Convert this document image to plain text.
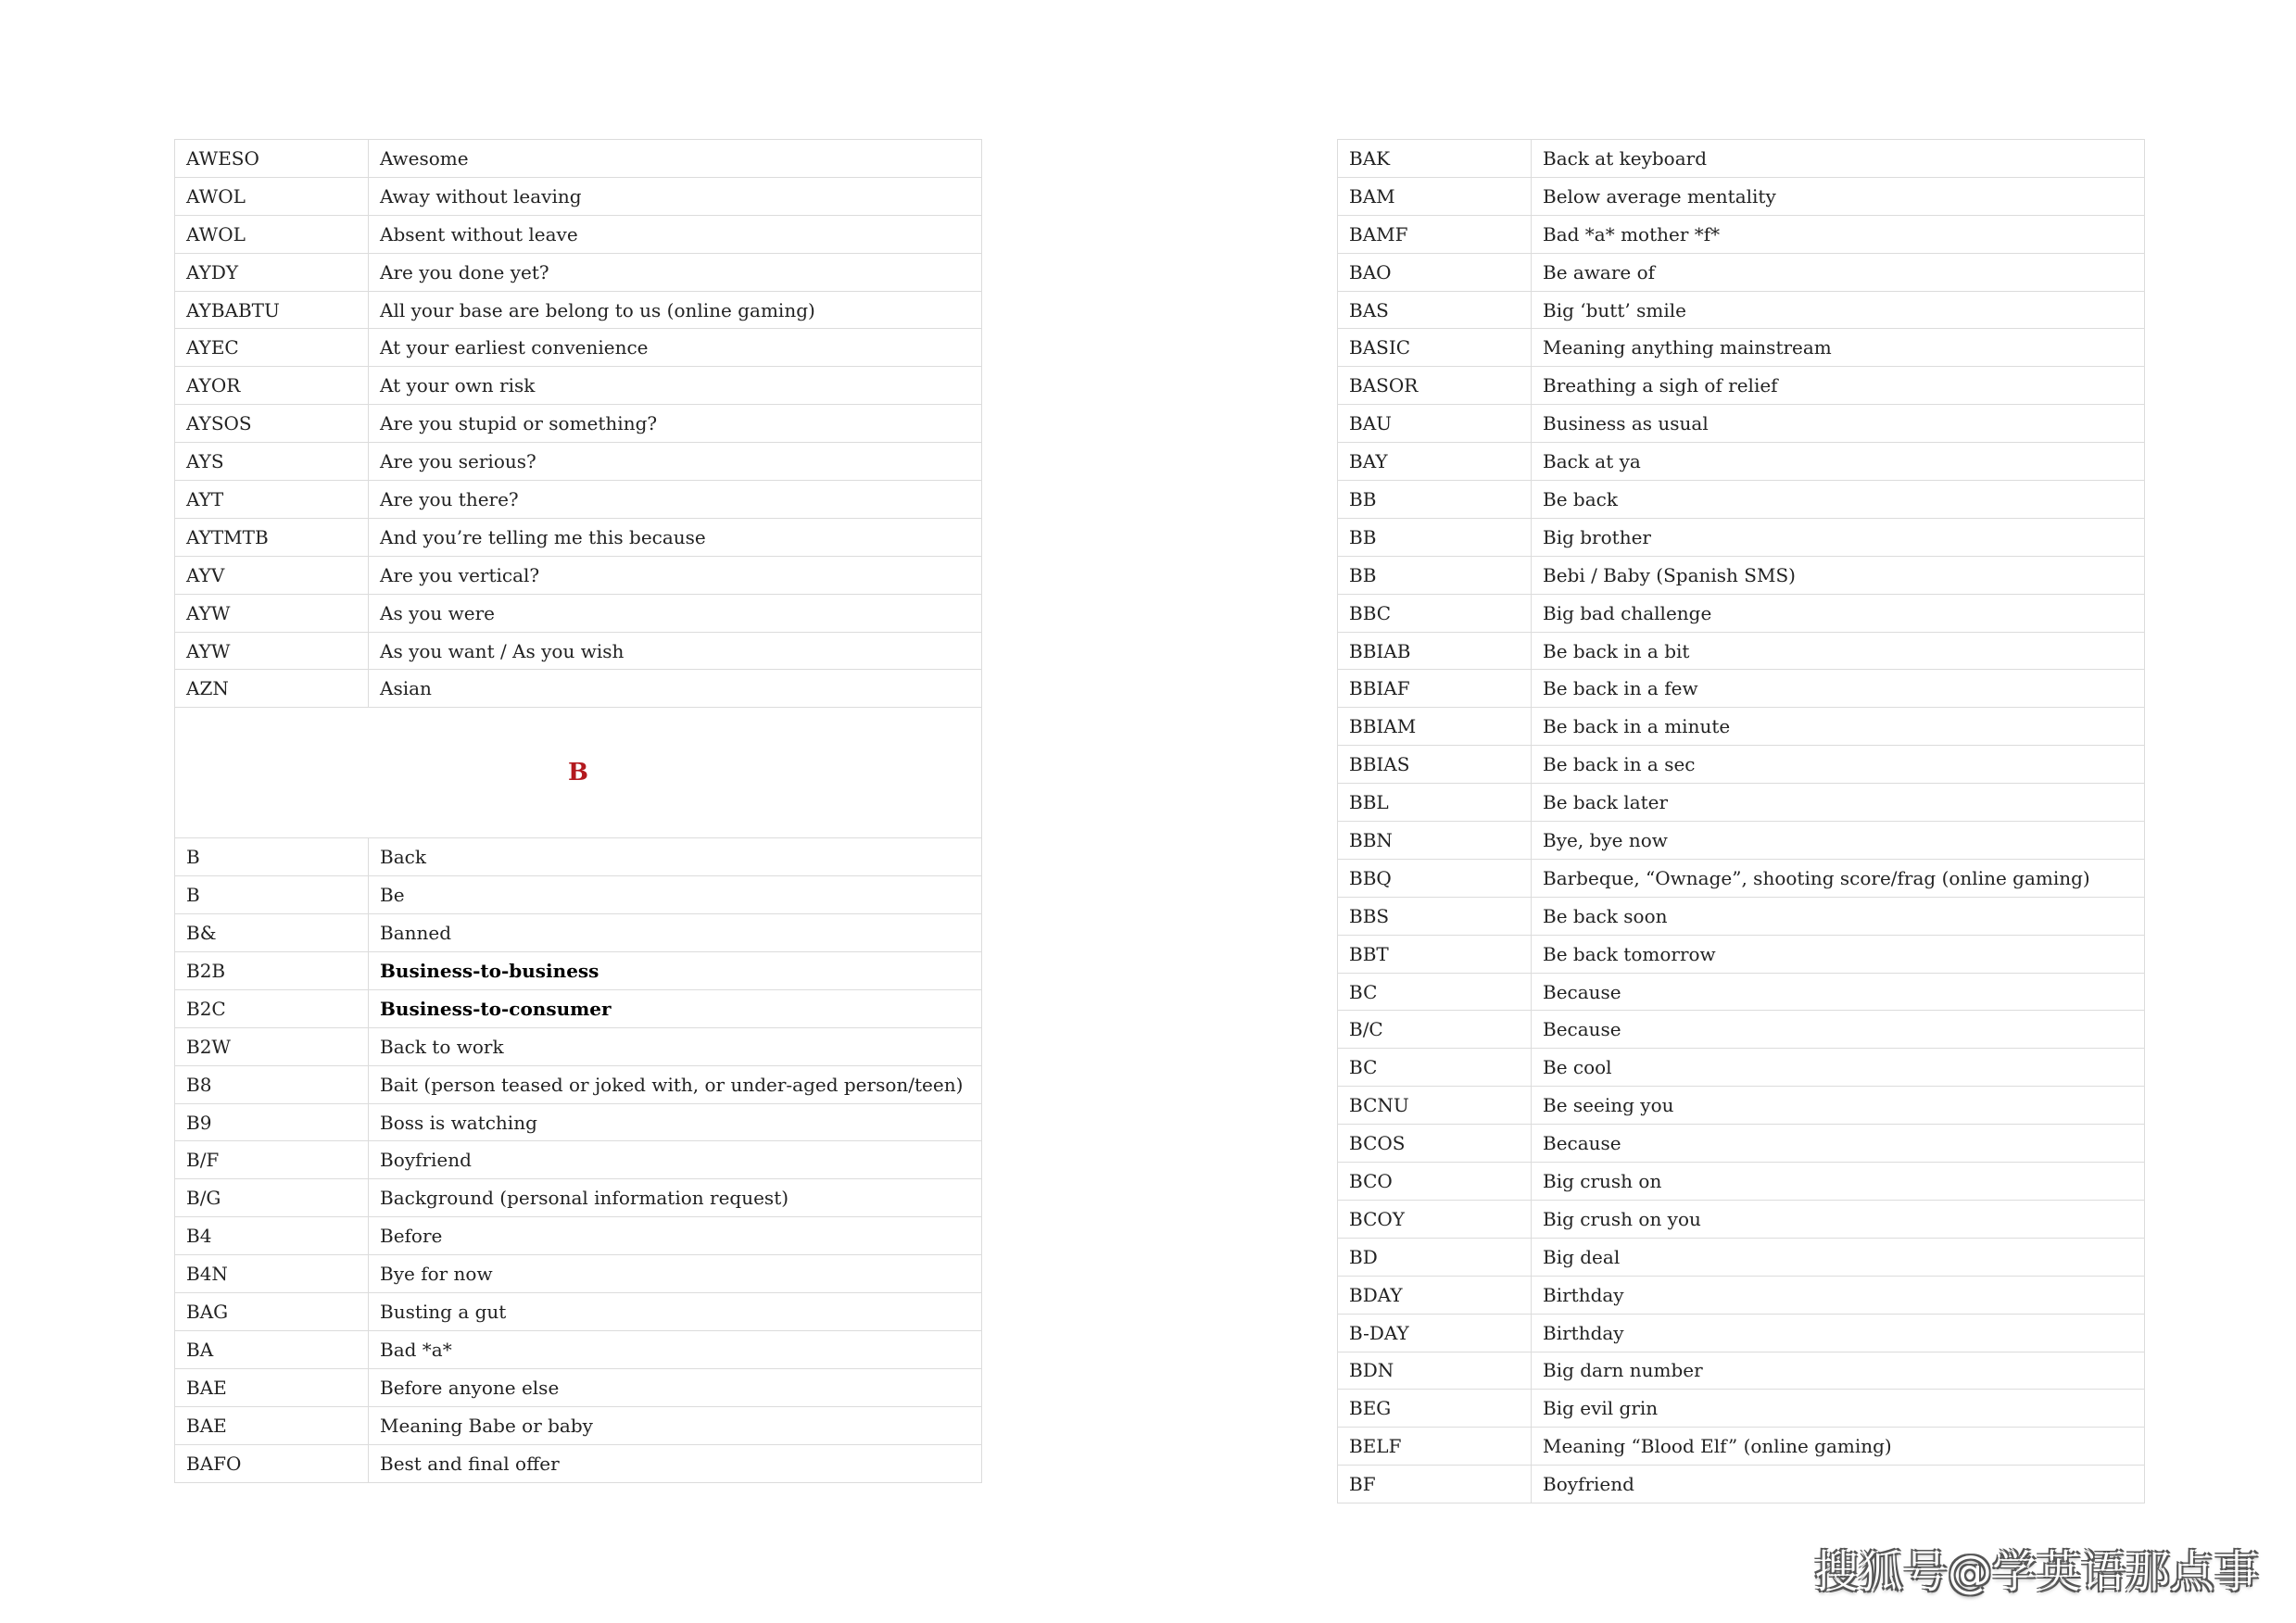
AWESO	Awesome
AWOL	Away without leaving
AWOL	Absent without leave
AYDY	Are you done yet?
AYBABTU	All your base are belong to us (online gaming)
AYEC	At your earliest convenience
AYOR	At your own risk
AYSOS	Are you stupid or something?
AYS	Are you serious?
AYT	Are you there?
AYTMTB	And you’re telling me this because
AYV	Are you vertical?
AYW	As you were
AYW	As you want / As you wish
AZN	Asian
B	
B	Back
B	Be
B&	Banned
B2B	Business-to-business
B2C	Business-to-consumer
B2W	Back to work
B8	Bait (person teased or joked with, or under-aged person/teen)
B9	Boss is watching
B/F	Boyfriend
B/G	Background (personal information request)
B4	Before
B4N	Bye for now
BAG	Busting a gut
BA	Bad *a*
BAE	Before anyone else
BAE	Meaning Babe or baby
BAFO	Best and final offer
BAK	Back at keyboard
BAM	Below average mentality
BAMF	Bad *a* mother *f*
BAO	Be aware of
BAS	Big ‘butt’ smile
BASIC	Meaning anything mainstream
BASOR	Breathing a sigh of relief
BAU	Business as usual
BAY	Back at ya
BB	Be back
BB	Big brother
BB	Bebi / Baby (Spanish SMS)
BBC	Big bad challenge
BBIAB	Be back in a bit
BBIAF	Be back in a few
BBIAM	Be back in a minute
BBIAS	Be back in a sec
BBL	Be back later
BBN	Bye, bye now
BBQ	Barbeque, “Ownage”, shooting score/frag (online gaming)
BBS	Be back soon
BBT	Be back tomorrow
BC	Because
B/C	Because
BC	Be cool
BCNU	Be seeing you
BCOS	Because
BCO	Big crush on
BCOY	Big crush on you
BD	Big deal
BDAY	Birthday
B-DAY	Birthday
BDN	Big darn number
BEG	Big evil grin
BELF	Meaning “Blood Elf” (online gaming)
BF	Boyfriend
搜狐号@学英语那点事
